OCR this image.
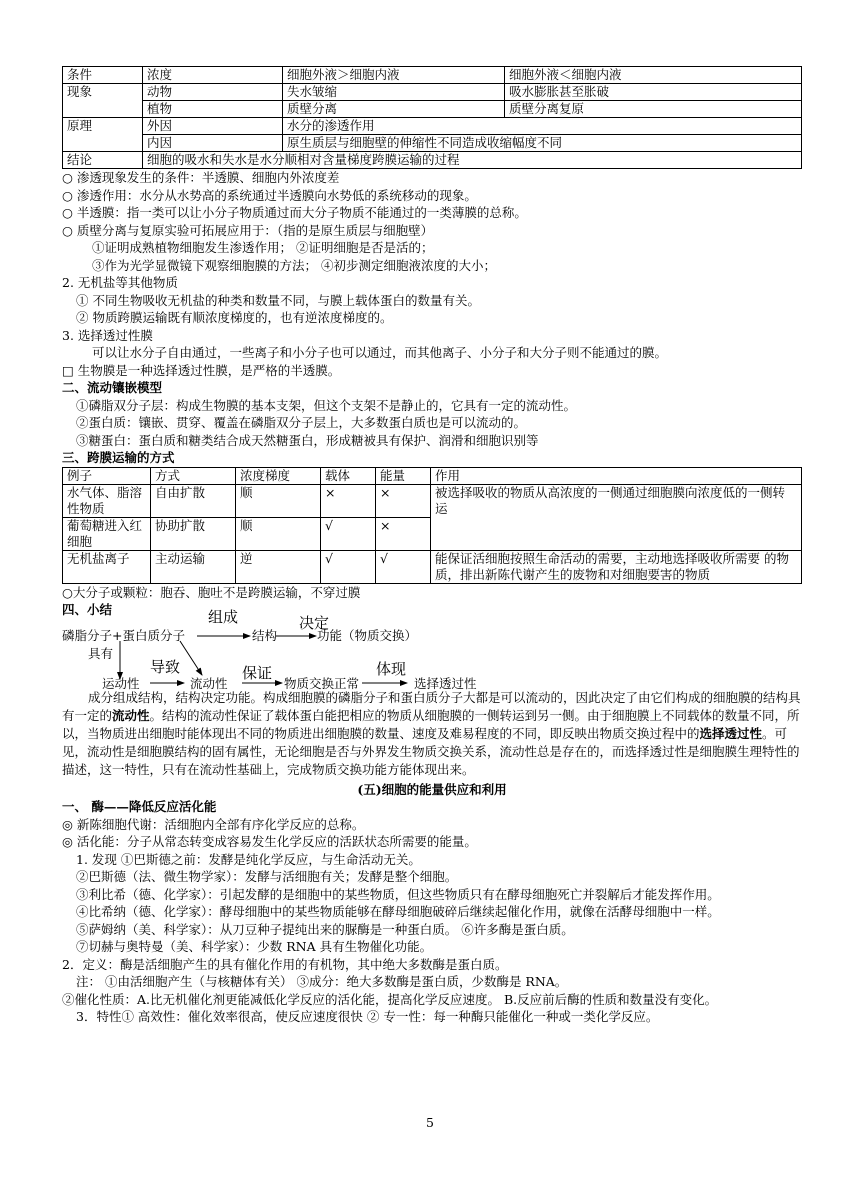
条件	浓度	细胞外液＞细胞内液	细胞外液＜细胞内液
现象	动物	失水皱缩	吸水膨胀甚至胀破
	植物	质壁分离	质壁分离复原
原理	外因	水分的渗透作用	
	内因	原生质层与细胞壁的伸缩性不同造成收缩幅度不同	
结论	细胞的吸水和失水是水分顺相对含量梯度跨膜运输的过程		

○ 渗透现象发生的条件：半透膜、细胞内外浓度差

○ 渗透作用：水分从水势高的系统通过半透膜向水势低的系统移动的现象。

○ 半透膜：指一类可以让小分子物质通过而大分子物质不能通过的一类薄膜的总称。

○ 质壁分离与复原实验可拓展应用于：（指的是原生质层与细胞壁）

①证明成熟植物细胞发生渗透作用； ②证明细胞是否是活的；

③作为光学显微镜下观察细胞膜的方法； ④初步测定细胞液浓度的大小；

2. 无机盐等其他物质

① 不同生物吸收无机盐的种类和数量不同，与膜上载体蛋白的数量有关。

② 物质跨膜运输既有顺浓度梯度的，也有逆浓度梯度的。

3. 选择透过性膜

可以让水分子自由通过，一些离子和小分子也可以通过，而其他离子、小分子和大分子则不能通过的膜。

□ 生物膜是一种选择透过性膜，是严格的半透膜。

二、流动镶嵌模型

①磷脂双分子层：构成生物膜的基本支架，但这个支架不是静止的，它具有一定的流动性。

②蛋白质：镶嵌、贯穿、覆盖在磷脂双分子层上，大多数蛋白质也是可以流动的。

③糖蛋白：蛋白质和糖类结合成天然糖蛋白，形成糖被具有保护、润滑和细胞识别等

三、跨膜运输的方式

例子	方式	浓度梯度	载体	能量	作用
水气体、脂溶性物质	自由扩散	顺	×	×	被选择吸收的物质从高浓度的一侧通过细胞膜向浓度低的一侧转运
葡萄糖进入红细胞	协助扩散	顺	√	×	
无机盐离子	主动运输	逆	√	√	能保证活细胞按照生命活动的需要，主动地选择吸收所需要 的物质，排出新陈代谢产生的废物和对细胞要害的物质

○大分子或颗粒：胞吞、胞吐不是跨膜运输，不穿过膜

四、小结

磷脂分子+蛋白质分子
组成
结构
决定
功能（物质交换）
具有
运动性
导致
流动性
保证
物质交换正常
体现
选择透过性

成分组成结构，结构决定功能。构成细胞膜的磷脂分子和蛋白质分子大都是可以流动的，因此决定了由它们构成的细胞膜的结构具有一定的流动性。结构的流动性保证了载体蛋白能把相应的物质从细胞膜的一侧转运到另一侧。由于细胞膜上不同载体的数量不同，所以，当物质进出细胞时能体现出不同的物质进出细胞膜的数量、速度及难易程度的不同，即反映出物质交换过程中的选择透过性。可见，流动性是细胞膜结构的固有属性，无论细胞是否与外界发生物质交换关系，流动性总是存在的，而选择透过性是细胞膜生理特性的描述，这一特性，只有在流动性基础上，完成物质交换功能方能体现出来。

(五)细胞的能量供应和利用

一、 酶——降低反应活化能

◎ 新陈细胞代谢：活细胞内全部有序化学反应的总称。

◎ 活化能：分子从常态转变成容易发生化学反应的活跃状态所需要的能量。

1. 发现 ①巴斯德之前：发酵是纯化学反应，与生命活动无关。

②巴斯德（法、微生物学家）：发酵与活细胞有关；发酵是整个细胞。

③利比希（德、化学家）：引起发酵的是细胞中的某些物质，但这些物质只有在酵母细胞死亡并裂解后才能发挥作用。

④比希纳（德、化学家）：酵母细胞中的某些物质能够在酵母细胞破碎后继续起催化作用，就像在活酵母细胞中一样。

⑤萨姆纳（美、科学家）：从刀豆种子提纯出来的脲酶是一种蛋白质。 ⑥许多酶是蛋白质。

⑦切赫与奥特曼（美、科学家）：少数 RNA 具有生物催化功能。

2．定义：酶是活细胞产生的具有催化作用的有机物，其中绝大多数酶是蛋白质。

注： ①由活细胞产生（与核糖体有关） ③成分：绝大多数酶是蛋白质，少数酶是 RNA。

②催化性质：A.比无机催化剂更能减低化学反应的活化能，提高化学反应速度。 B.反应前后酶的性质和数量没有变化。

3．特性① 高效性：催化效率很高，使反应速度很快 ② 专一性：每一种酶只能催化一种或一类化学反应。

5
